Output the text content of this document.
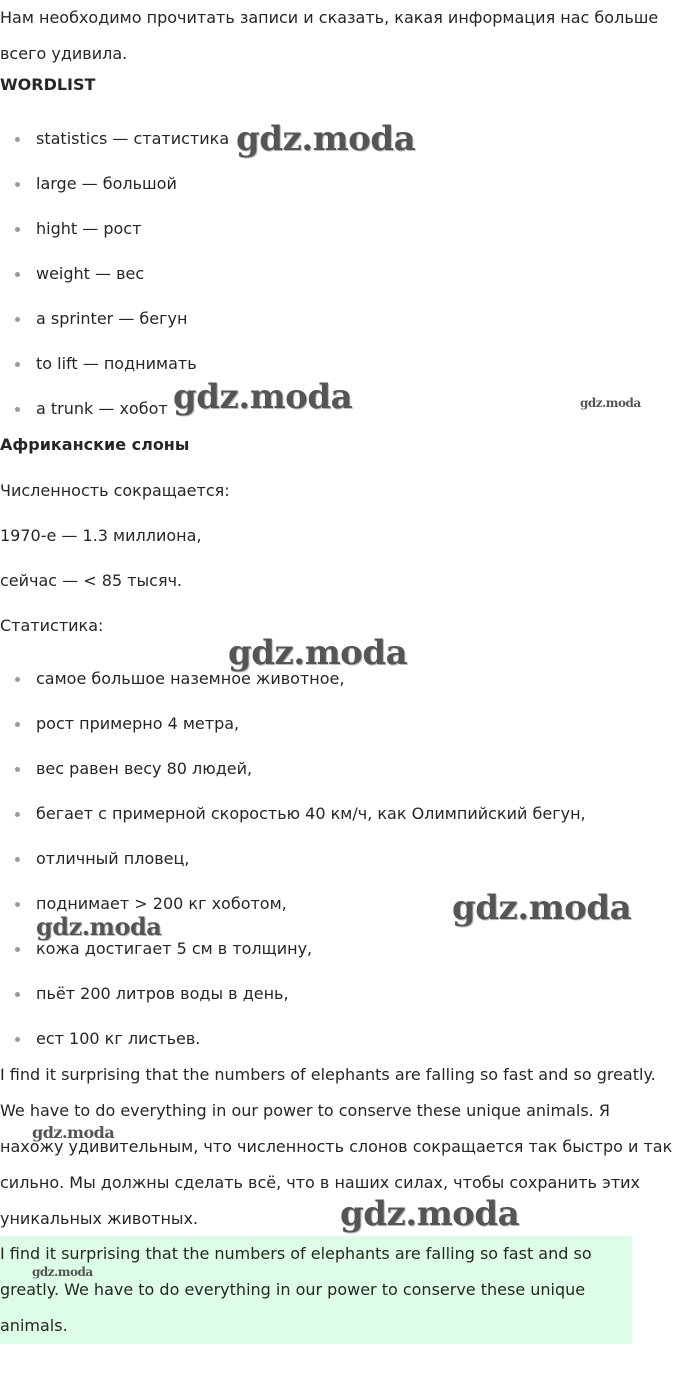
Нам необходимо прочитать записи и сказать, какая информация нас больше

всего удивила.

WORDLIST
statistics — статистика
large — большой
hight — рост
weight — вес
a sprinter — бегун
to lift — поднимать
a trunk — хобот
Африканские слоны

Численность сокращается:

1970-е — 1.3 миллиона,

сейчас — < 85 тысяч.

Статистика:

самое большое наземное животное,
рост примерно 4 метра,
вес равен весу 80 людей,
бегает с примерной скоростью 40 км/ч, как Олимпийский бегун,
отличный пловец,
поднимает > 200 кг хоботом,
кожа достигает 5 см в толщину,
пьёт 200 литров воды в день,
ест 100 кг листьев.

I find it surprising that the numbers of elephants are falling so fast and so greatly.

We have to do everything in our power to conserve these unique animals. Я

нахожу удивительным, что численность слонов сокращается так быстро и так

сильно. Мы должны сделать всё, что в наших силах, чтобы сохранить этих

уникальных животных.

I find it surprising that the numbers of elephants are falling so fast and so

greatly. We have to do everything in our power to conserve these unique

animals.

gdz.moda
gdz.moda	gdz.moda
gdz.moda
gdz.moda
gdz.moda
gdz.moda
gdz.moda
gdz.moda
